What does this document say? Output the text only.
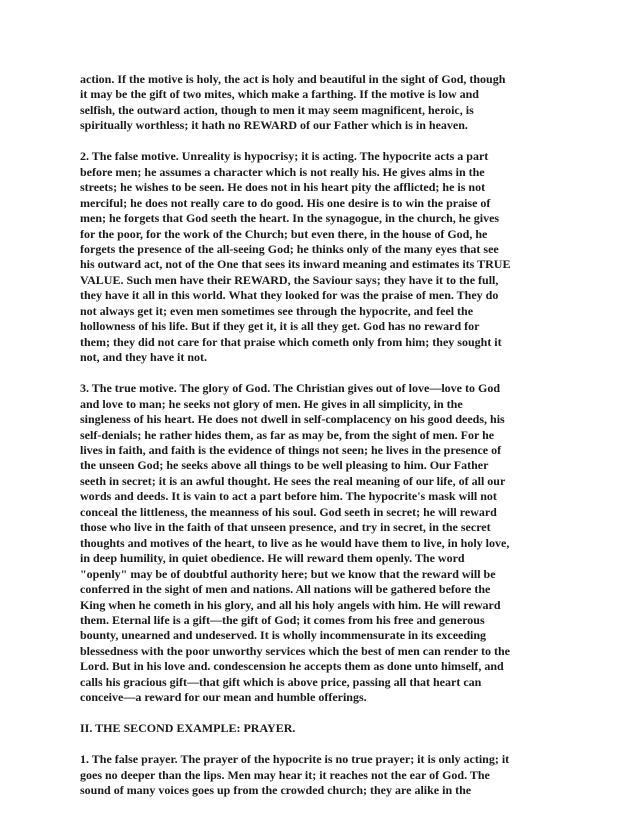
action. If the motive is holy, the act is holy and beautiful in the sight of God, though
it may be the gift of two mites, which make a farthing. If the motive is low and
selfish, the outward action, though to men it may seem magnificent, heroic, is
spiritually worthless; it hath no REWARD of our Father which is in heaven.
2. The false motive. Unreality is hypocrisy; it is acting. The hypocrite acts a part
before men; he assumes a character which is not really his. He gives alms in the
streets; he wishes to be seen. He does not in his heart pity the afflicted; he is not
merciful; he does not really care to do good. His one desire is to win the praise of
men; he forgets that God seeth the heart. In the synagogue, in the church, he gives
for the poor, for the work of the Church; but even there, in the house of God, he
forgets the presence of the all-seeing God; he thinks only of the many eyes that see
his outward act, not of the One that sees its inward meaning and estimates its TRUE
VALUE. Such men have their REWARD, the Saviour says; they have it to the full,
they have it all in this world. What they looked for was the praise of men. They do
not always get it; even men sometimes see through the hypocrite, and feel the
hollowness of his life. But if they get it, it is all they get. God has no reward for
them; they did not care for that praise which cometh only from him; they sought it
not, and they have it not.
3. The true motive. The glory of God. The Christian gives out of love—love to God
and love to man; he seeks not glory of men. He gives in all simplicity, in the
singleness of his heart. He does not dwell in self-complacency on his good deeds, his
self-denials; he rather hides them, as far as may be, from the sight of men. For he
lives in faith, and faith is the evidence of things not seen; he lives in the presence of
the unseen God; he seeks above all things to be well pleasing to him. Our Father
seeth in secret; it is an awful thought. He sees the real meaning of our life, of all our
words and deeds. It is vain to act a part before him. The hypocrite's mask will not
conceal the littleness, the meanness of his soul. God seeth in secret; he will reward
those who live in the faith of that unseen presence, and try in secret, in the secret
thoughts and motives of the heart, to live as he would have them to live, in holy love,
in deep humility, in quiet obedience. He will reward them openly. The word
"openly" may be of doubtful authority here; but we know that the reward will be
conferred in the sight of men and nations. All nations will be gathered before the
King when he cometh in his glory, and all his holy angels with him. He will reward
them. Eternal life is a gift—the gift of God; it comes from his free and generous
bounty, unearned and undeserved. It is wholly incommensurate in its exceeding
blessedness with the poor unworthy services which the best of men can render to the
Lord. But in his love and. condescension he accepts them as done unto himself, and
calls his gracious gift—that gift which is above price, passing all that heart can
conceive—a reward for our mean and humble offerings.
II. THE SECOND EXAMPLE: PRAYER.
1. The false prayer. The prayer of the hypocrite is no true prayer; it is only acting; it
goes no deeper than the lips. Men may hear it; it reaches not the ear of God. The
sound of many voices goes up from the crowded church; they are alike in the
